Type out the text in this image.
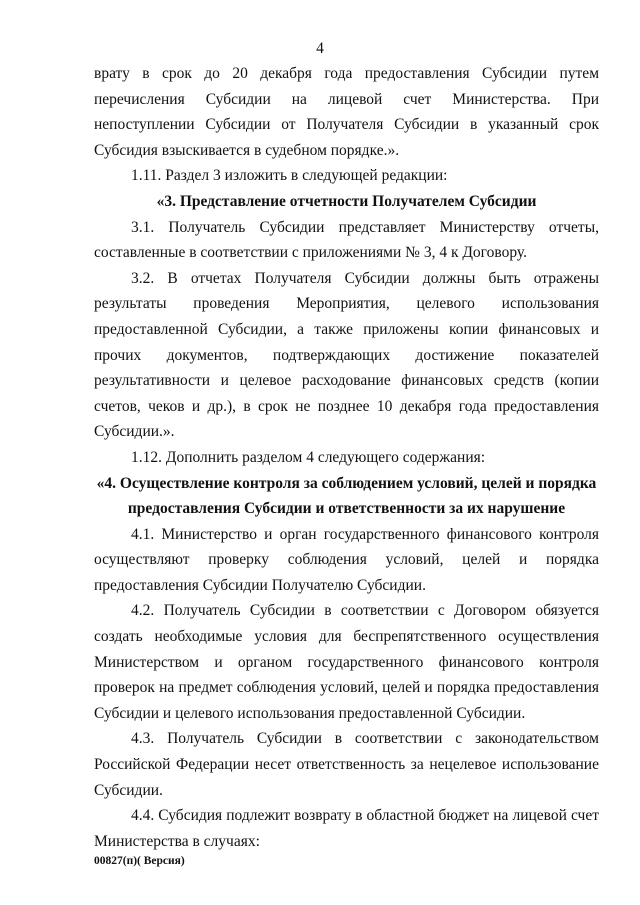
4

врату в срок до 20 декабря года предоставления Субсидии путем перечисления Субсидии на лицевой счет Министерства. При непоступлении Субсидии от Получателя Субсидии в указанный срок Субсидия взыскивается в судебном порядке.».

1.11. Раздел 3 изложить в следующей редакции:

«3. Представление отчетности Получателем Субсидии

3.1. Получатель Субсидии представляет Министерству отчеты, составленные в соответствии с приложениями № 3, 4 к Договору.

3.2. В отчетах Получателя Субсидии должны быть отражены результаты проведения Мероприятия, целевого использования предоставленной Субсидии, а также приложены копии финансовых и прочих документов, подтверждающих достижение показателей результативности и целевое расходование финансовых средств (копии счетов, чеков и др.), в срок не позднее 10 декабря года предоставления Субсидии.».

1.12. Дополнить разделом 4 следующего содержания:

«4. Осуществление контроля за соблюдением условий, целей и порядка предоставления Субсидии и ответственности за их нарушение

4.1. Министерство и орган государственного финансового контроля осуществляют проверку соблюдения условий, целей и порядка предоставления Субсидии Получателю Субсидии.

4.2. Получатель Субсидии в соответствии с Договором обязуется создать необходимые условия для беспрепятственного осуществления Министерством и органом государственного финансового контроля проверок на предмет соблюдения условий, целей и порядка предоставления Субсидии и целевого использования предоставленной Субсидии.

4.3. Получатель Субсидии в соответствии с законодательством Российской Федерации несет ответственность за нецелевое использование Субсидии.

4.4. Субсидия подлежит возврату в областной бюджет на лицевой счет Министерства в случаях:

00827(п)( Версия)
